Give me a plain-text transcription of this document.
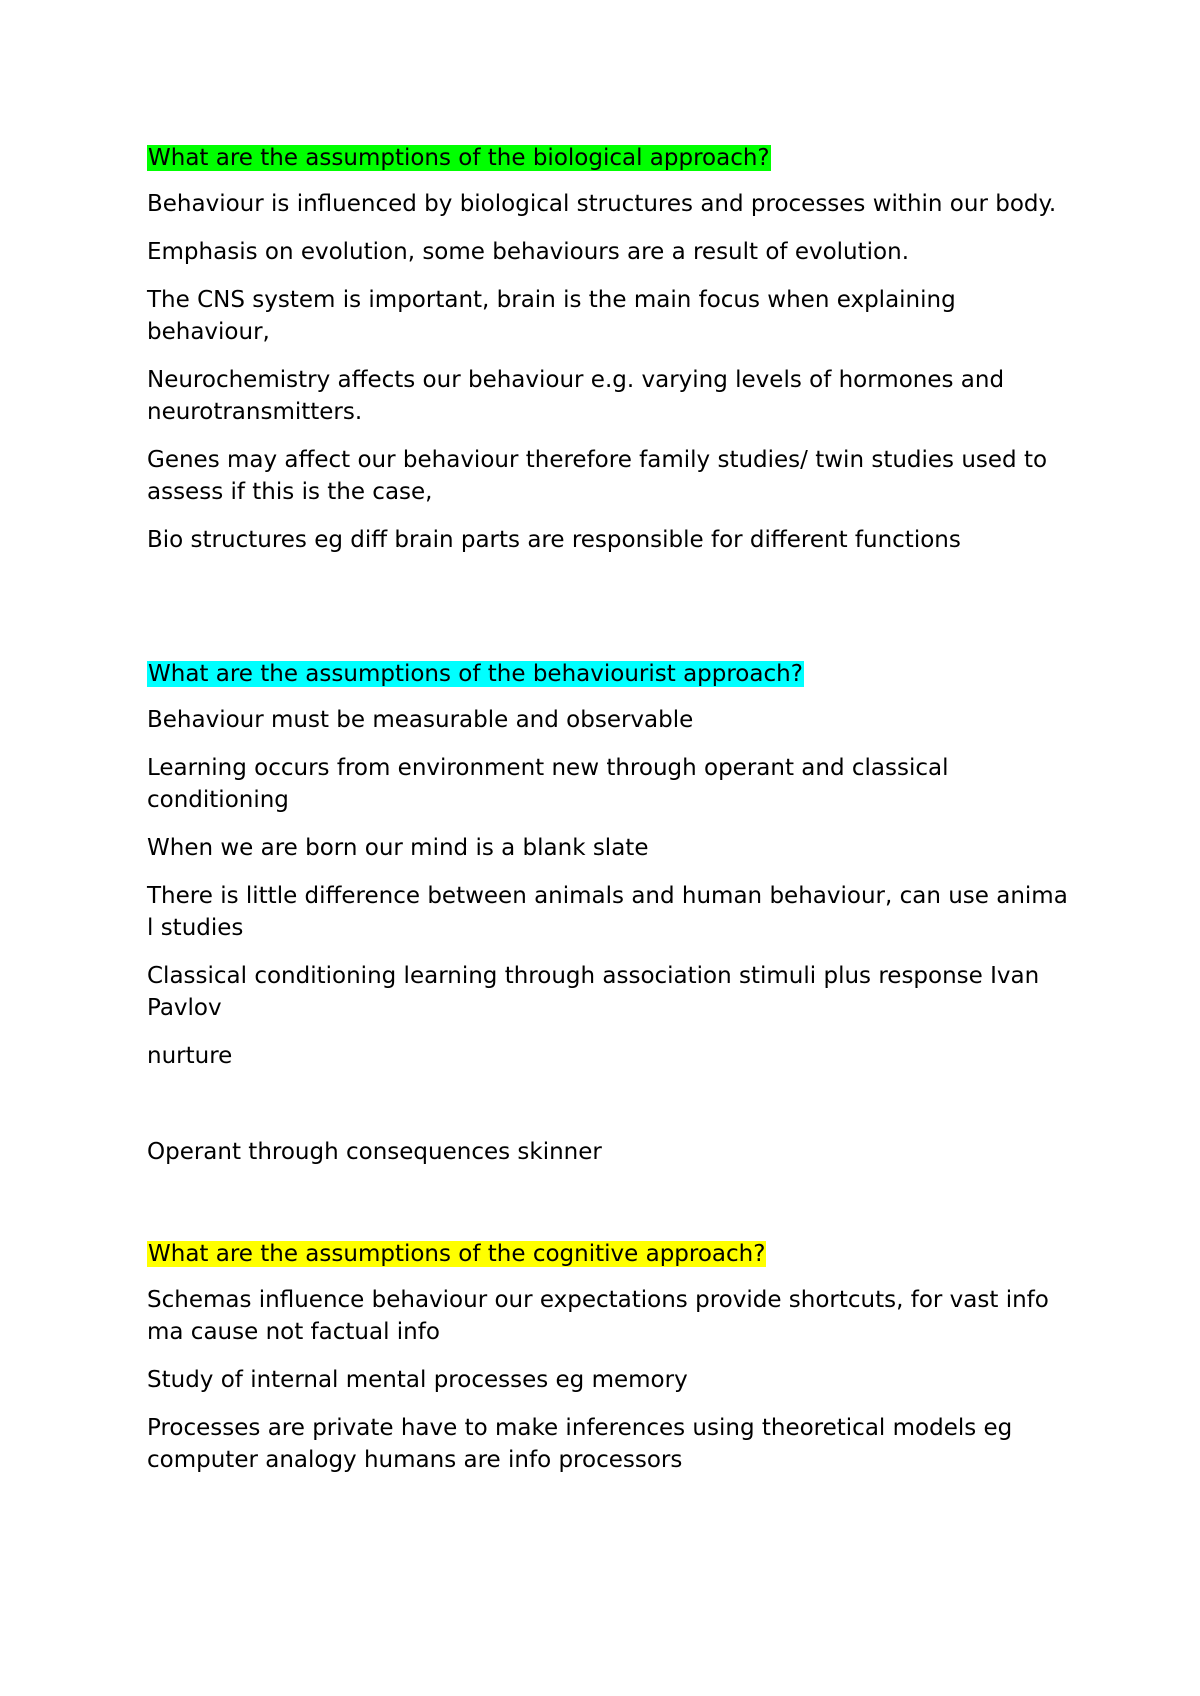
What are the assumptions of the biological approach?

Behaviour is influenced by biological structures and processes within our body.

Emphasis on evolution, some behaviours are a result of evolution.

The CNS system is important, brain is the main focus when explaining behaviour,

Neurochemistry affects our behaviour e.g. varying levels of hormones and neurotransmitters.

Genes may affect our behaviour therefore family studies/ twin studies used to assess if this is the case,

Bio structures eg diff brain parts are responsible for different functions

What are the assumptions of the behaviourist approach?

Behaviour must be measurable and observable

Learning occurs from environment new through operant and classical conditioning

When we are born our mind is a blank slate

There is little difference between animals and human behaviour, can use anima l studies

Classical conditioning learning through association stimuli plus response Ivan Pavlov

nurture

Operant through consequences skinner

What are the assumptions of the cognitive approach?

Schemas influence behaviour our expectations provide shortcuts, for vast info ma cause not factual info

Study of internal mental processes eg memory

Processes are private have to make inferences using theoretical models eg computer analogy humans are info processors
